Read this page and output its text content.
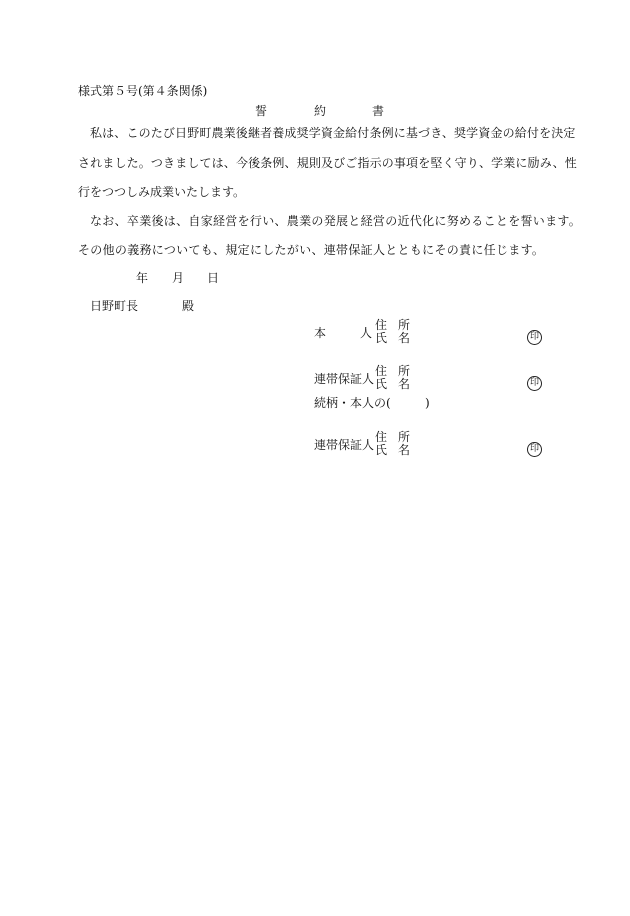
様式第５号(第４条関係)
誓	約	書
私は、このたび日野町農業後継者養成奨学資金給付条例に基づき、奨学資金の給付を決定
されました。つきましては、今後条例、規則及びご指示の事項を堅く守り、学業に励み、性
行をつつしみ成業いたします。
なお、卒業後は、自家経営を行い、農業の発展と経営の近代化に努めることを誓います。
その他の義務についても、規定にしたがい、連帯保証人とともにその責に任じます。
年 月 日
日野町長	殿
本	人
住 所
氏 名	印
連帯保証人
住 所
氏 名	印
続柄・本人の(	)
連帯保証人
住 所
氏 名	印
